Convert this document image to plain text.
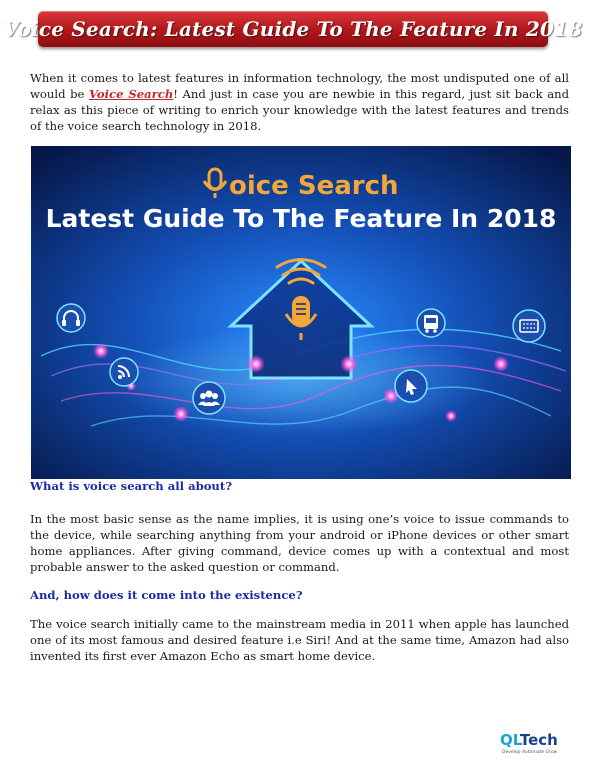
Voice Search: Latest Guide To The Feature In 2018

When it comes to latest features in information technology, the most undisputed one of all would be Voice Search! And just in case you are newbie in this regard, just sit back and relax as this piece of writing to enrich your knowledge with the latest features and trends of the voice search technology in 2018.

oice Search
Latest Guide To The Feature In 2018

What is voice search all about?

In the most basic sense as the name implies, it is using one’s voice to issue commands to the device, while searching anything from your android or iPhone devices or other smart home appliances. After giving command, device comes up with a contextual and most probable answer to the asked question or command.

And, how does it come into the existence?

The voice search initially came to the mainstream media in 2011 when apple has launched one of its most famous and desired feature i.e Siri! And at the same time, Amazon had also invented its first ever Amazon Echo as smart home device.

QLTech
Develop Automate Grow
